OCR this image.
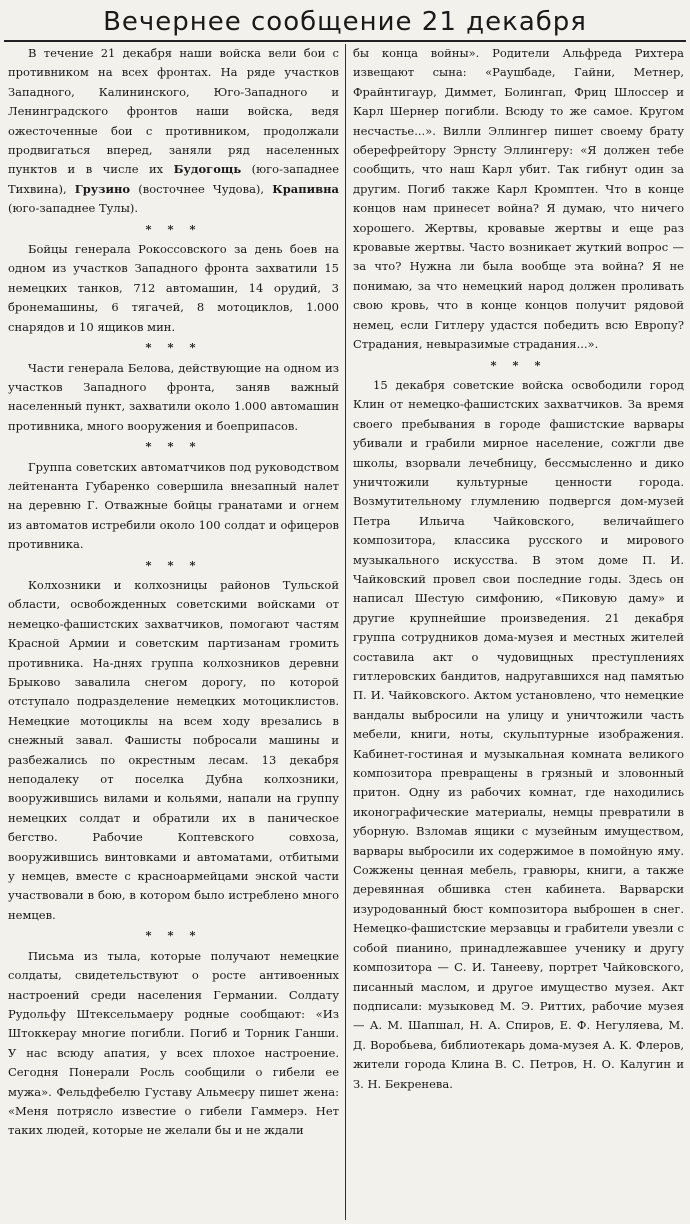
Вечернее сообщение 21 декабря

В течение 21 декабря наши войска вели бои с противником на всех фронтах. На ряде участков Западного, Калининского, Юго-Западного и Ленинградского фронтов наши войска, ведя ожесточенные бои с противником, продолжали продвигаться вперед, заняли ряд населенных пунктов и в числе их Будогощь (юго-западнее Тихвина), Грузино (восточнее Чудова), Крапивна (юго-западнее Тулы).

* * *

Бойцы генерала Рокоссовского за день боев на одном из участков Западного фронта захватили 15 немецких танков, 712 автомашин, 14 орудий, 3 бронемашины, 6 тягачей, 8 мотоциклов, 1.000 снарядов и 10 ящиков мин.

* * *

Части генерала Белова, действующие на одном из участков Западного фронта, заняв важный населенный пункт, захватили около 1.000 автомашин противника, много вооружения и боеприпасов.

* * *

Группа советских автоматчиков под руководством лейтенанта Губаренко совершила внезапный налет на деревню Г. Отважные бойцы гранатами и огнем из автоматов истребили около 100 солдат и офицеров противника.

* * *

Колхозники и колхозницы районов Тульской области, освобожденных советскими войсками от немецко-фашистских захватчиков, помогают частям Красной Армии и советским партизанам громить противника. На-днях группа колхозников деревни Брыково завалила снегом дорогу, по которой отступало подразделение немецких мотоциклистов. Немецкие мотоциклы на всем ходу врезались в снежный завал. Фашисты побросали машины и разбежались по окрестным лесам. 13 декабря неподалеку от поселка Дубна колхозники, вооружившись вилами и кольями, напали на группу немецких солдат и обратили их в паническое бегство. Рабочие Коптевского совхоза, вооружившись винтовками и автоматами, отбитыми у немцев, вместе с красноармейцами энской части участвовали в бою, в котором было истреблено много немцев.

* * *

Письма из тыла, которые получают немецкие солдаты, свидетельствуют о росте антивоенных настроений среди населения Германии. Солдату Рудольфу Штексельмаеру родные сообщают: «Из Штоккерау многие погибли. Погиб и Торник Ганши. У нас всюду апатия, у всех плохое настроение. Сегодня Понерали Росль сообщили о гибели ее мужа». Фельдфебелю Густаву Альмеєру пишет жена: «Меня потрясло известие о гибели Гаммерэ. Нет таких людей, которые не желали бы и не ждали

бы конца войны». Родители Альфреда Рихтера извещают сына: «Раушбаде, Гайни, Метнер, Фрайнтигаур, Диммет, Болингап, Фриц Шлоссер и Карл Шернер погибли. Всюду то же самое. Кругом несчастье...». Вилли Эллингер пишет своему брату оберефрейтору Эрнсту Эллингеру: «Я должен тебе сообщить, что наш Карл убит. Так гибнут один за другим. Погиб также Карл Кромптен. Что в конце концов нам принесет война? Я думаю, что ничего хорошего. Жертвы, кровавые жертвы и еще раз кровавые жертвы. Часто возникает жуткий вопрос — за что? Нужна ли была вообще эта война? Я не понимаю, за что немецкий народ должен проливать свою кровь, что в конце концов получит рядовой немец, если Гитлеру удастся победить всю Европу? Страдания, невыразимые страдания...».

* * *

15 декабря советские войска освободили город Клин от немецко-фашистских захватчиков. За время своего пребывания в городе фашистские варвары убивали и грабили мирное население, сожгли две школы, взорвали лечебницу, бессмысленно и дико уничтожили культурные ценности города. Возмутительному глумлению подвергся дом-музей Петра Ильича Чайковского, величайшего композитора, классика русского и мирового музыкального искусства. В этом доме П. И. Чайковский провел свои последние годы. Здесь он написал Шестую симфонию, «Пиковую даму» и другие крупнейшие произведения. 21 декабря группа сотрудников дома-музея и местных жителей составила акт о чудовищных преступлениях гитлеровских бандитов, надругавшихся над памятью П. И. Чайковского. Актом установлено, что немецкие вандалы выбросили на улицу и уничтожили часть мебели, книги, ноты, скульптурные изображения. Кабинет-гостиная и музыкальная комната великого композитора превращены в грязный и зловонный притон. Одну из рабочих комнат, где находились иконографические материалы, немцы превратили в уборную. Взломав ящики с музейным имуществом, варвары выбросили их содержимое в помойную яму. Сожжены ценная мебель, гравюры, книги, а также деревянная обшивка стен кабинета. Варварски изуродованный бюст композитора выброшен в снег. Немецко-фашистские мерзавцы и грабители увезли с собой пианино, принадлежавшее ученику и другу композитора — С. И. Танееву, портрет Чайковского, писанный маслом, и другое имущество музея. Акт подписали: музыковед М. Э. Риттих, рабочие музея — А. М. Шапшал, Н. А. Спиров, Е. Ф. Негуляева, М. Д. Воробьева, библиотекарь дома-музея А. К. Флеров, жители города Клина В. С. Петров, Н. О. Калугин и З. Н. Бекренева.
